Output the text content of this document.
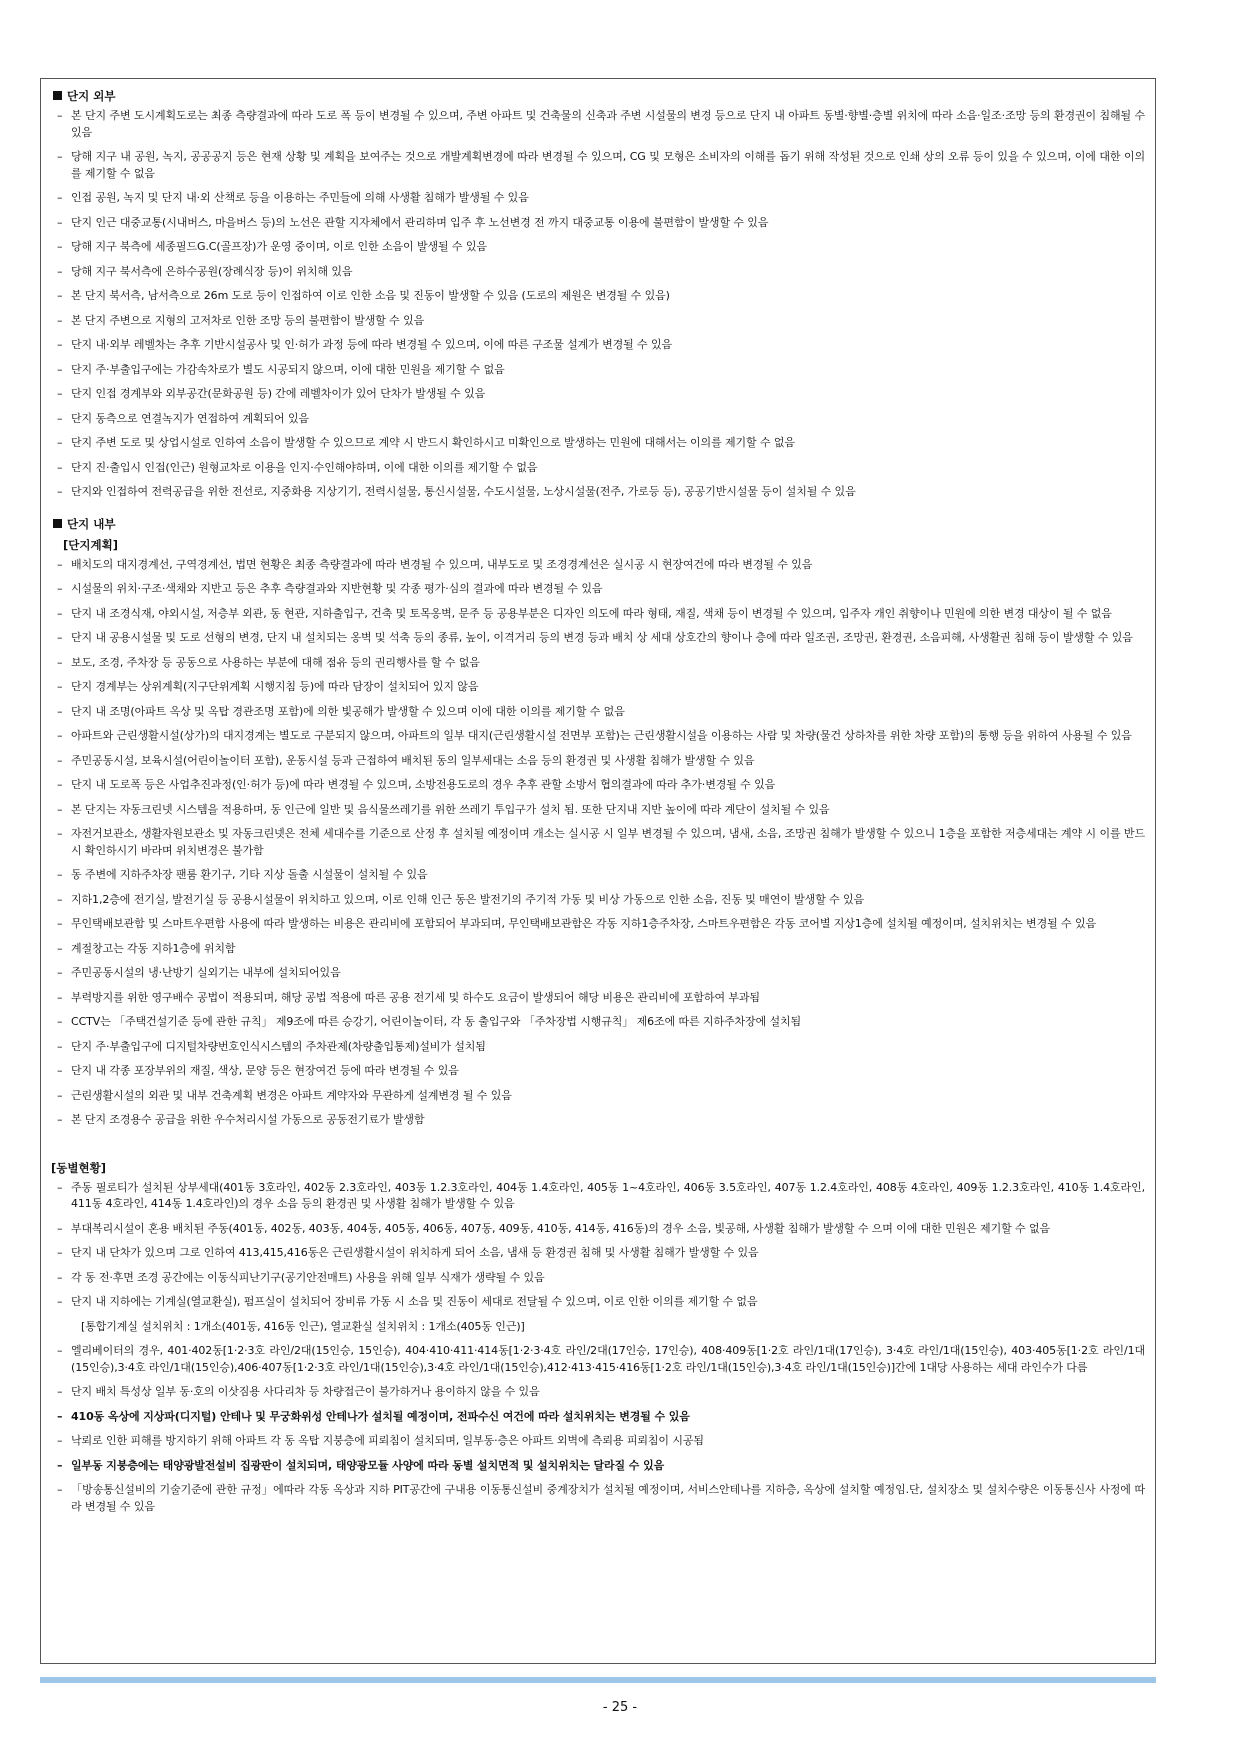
단지 외부
– 본 단지 주변 도시계획도로는 최종 측량결과에 따라 도로 폭 등이 변경될 수 있으며, 주변 아파트 및 건축물의 신축과 주변 시설물의 변경 등으로 단지 내 아파트 동별·향별·층별 위치에 따라 소음·일조·조망 등의 환경권이 침해될 수 있음
– 당해 지구 내 공원, 녹지, 공공공지 등은 현재 상황 및 계획을 보여주는 것으로 개발계획변경에 따라 변경될 수 있으며, CG 및 모형은 소비자의 이해를 돕기 위해 작성된 것으로 인쇄 상의 오류 등이 있을 수 있으며, 이에 대한 이의를 제기할 수 없음
– 인접 공원, 녹지 및 단지 내·외 산책로 등을 이용하는 주민들에 의해 사생활 침해가 발생될 수 있음
– 단지 인근 대중교통(시내버스, 마을버스 등)의 노선은 관할 지자체에서 관리하며 입주 후 노선변경 전 까지 대중교통 이용에 불편함이 발생할 수 있음
– 당해 지구 북측에 세종필드G.C(골프장)가 운영 중이며, 이로 인한 소음이 발생될 수 있음
– 당해 지구 북서측에 은하수공원(장례식장 등)이 위치해 있음
– 본 단지 북서측, 남서측으로 26m 도로 등이 인접하여 이로 인한 소음 및 진동이 발생할 수 있음 (도로의 제원은 변경될 수 있음)
– 본 단지 주변으로 지형의 고저차로 인한 조망 등의 불편함이 발생할 수 있음
– 단지 내·외부 레벨차는 추후 기반시설공사 및 인·허가 과정 등에 따라 변경될 수 있으며, 이에 따른 구조물 설계가 변경될 수 있음
– 단지 주·부출입구에는 가감속차로가 별도 시공되지 않으며, 이에 대한 민원을 제기할 수 없음
– 단지 인접 경계부와 외부공간(문화공원 등) 간에 레벨차이가 있어 단차가 발생될 수 있음
– 단지 동측으로 연결녹지가 연접하여 계획되어 있음
– 단지 주변 도로 및 상업시설로 인하여 소음이 발생할 수 있으므로 계약 시 반드시 확인하시고 미확인으로 발생하는 민원에 대해서는 이의를 제기할 수 없음
– 단지 진·출입시 인접(인근) 원형교차로 이용을 인지·수인해야하며, 이에 대한 이의를 제기할 수 없음
– 단지와 인접하여 전력공급을 위한 전선로, 지중화용 지상기기, 전력시설물, 통신시설물, 수도시설물, 노상시설물(전주, 가로등 등), 공공기반시설물 등이 설치될 수 있음
단지 내부
[단지계획]
– 배치도의 대지경계선, 구역경계선, 법면 현황은 최종 측량결과에 따라 변경될 수 있으며, 내부도로 및 조경경계선은 실시공 시 현장여건에 따라 변경될 수 있음
– 시설물의 위치·구조·색채와 지반고 등은 추후 측량결과와 지반현황 및 각종 평가·심의 결과에 따라 변경될 수 있음
– 단지 내 조경식재, 야외시설, 저층부 외관, 동 현관, 지하출입구, 건축 및 토목옹벽, 문주 등 공용부분은 디자인 의도에 따라 형태, 재질, 색채 등이 변경될 수 있으며, 입주자 개인 취향이나 민원에 의한 변경 대상이 될 수 없음
– 단지 내 공용시설물 및 도로 선형의 변경, 단지 내 설치되는 옹벽 및 석축 등의 종류, 높이, 이격거리 등의 변경 등과 배치 상 세대 상호간의 향이나 층에 따라 일조권, 조망권, 환경권, 소음피해, 사생활권 침해 등이 발생할 수 있음
– 보도, 조경, 주차장 등 공동으로 사용하는 부분에 대해 점유 등의 권리행사를 할 수 없음
– 단지 경계부는 상위계획(지구단위계획 시행지침 등)에 따라 담장이 설치되어 있지 않음
– 단지 내 조명(아파트 옥상 및 옥탑 경관조명 포함)에 의한 빛공해가 발생할 수 있으며 이에 대한 이의를 제기할 수 없음
– 아파트와 근린생활시설(상가)의 대지경계는 별도로 구분되지 않으며, 아파트의 일부 대지(근린생활시설 전면부 포함)는 근린생활시설을 이용하는 사람 및 차량(물건 상하차를 위한 차량 포함)의 통행 등을 위하여 사용될 수 있음
– 주민공동시설, 보육시설(어린이놀이터 포함), 운동시설 등과 근접하여 배치된 동의 일부세대는 소음 등의 환경권 및 사생활 침해가 발생할 수 있음
– 단지 내 도로폭 등은 사업추진과정(인·허가 등)에 따라 변경될 수 있으며, 소방전용도로의 경우 추후 관할 소방서 협의결과에 따라 추가·변경될 수 있음
– 본 단지는 자동크린넷 시스템을 적용하며, 동 인근에 일반 및 음식물쓰레기를 위한 쓰레기 투입구가 설치 됨. 또한 단지내 지반 높이에 따라 계단이 설치될 수 있음
– 자전거보관소, 생활자원보관소 및 자동크린넷은 전체 세대수를 기준으로 산정 후 설치될 예정이며 개소는 실시공 시 일부 변경될 수 있으며, 냄새, 소음, 조망권 침해가 발생할 수 있으니 1층을 포함한 저층세대는 계약 시 이를 반드시 확인하시기 바라며 위치변경은 불가함
– 동 주변에 지하주차장 팬룸 환기구, 기타 지상 돌출 시설물이 설치될 수 있음
– 지하1,2층에 전기실, 발전기실 등 공용시설물이 위치하고 있으며, 이로 인해 인근 동은 발전기의 주기적 가동 및 비상 가동으로 인한 소음, 진동 및 매연이 발생할 수 있음
– 무인택배보관함 및 스마트우편함 사용에 따라 발생하는 비용은 관리비에 포함되어 부과되며, 무인택배보관함은 각동 지하1층주차장, 스마트우편함은 각동 코어별 지상1층에 설치될 예정이며, 설치위치는 변경될 수 있음
– 계절창고는 각동 지하1층에 위치함
– 주민공동시설의 냉·난방기 실외기는 내부에 설치되어있음
– 부력방지를 위한 영구배수 공법이 적용되며, 해당 공법 적용에 따른 공용 전기세 및 하수도 요금이 발생되어 해당 비용은 관리비에 포함하여 부과됨
– CCTV는 「주택건설기준 등에 관한 규칙」 제9조에 따른 승강기, 어린이놀이터, 각 동 출입구와 「주차장법 시행규칙」 제6조에 따른 지하주차장에 설치됨
– 단지 주·부출입구에 디지털차량번호인식시스템의 주차관제(차량출입통제)설비가 설치됨
– 단지 내 각종 포장부위의 재질, 색상, 문양 등은 현장여건 등에 따라 변경될 수 있음
– 근린생활시설의 외관 및 내부 건축계획 변경은 아파트 계약자와 무관하게 설계변경 될 수 있음
– 본 단지 조경용수 공급을 위한 우수처리시설 가동으로 공동전기료가 발생함
[동별현황]
– 주동 필로티가 설치된 상부세대(401동 3호라인, 402동 2.3호라인, 403동 1.2.3호라인, 404동 1.4호라인, 405동 1~4호라인, 406동 3.5호라인, 407동 1.2.4호라인, 408동 4호라인, 409동 1.2.3호라인, 410동 1.4호라인, 411동 4호라인, 414동 1.4호라인)의 경우 소음 등의 환경권 및 사생활 침해가 발생할 수 있음
– 부대복리시설이 혼용 배치된 주동(401동, 402동, 403동, 404동, 405동, 406동, 407동, 409동, 410동, 414동, 416동)의 경우 소음, 빛공해, 사생활 침해가 발생할 수 으며 이에 대한 민원은 제기할 수 없음
– 단지 내 단차가 있으며 그로 인하여 413,415,416동은 근린생활시설이 위치하게 되어 소음, 냄새 등 환경권 침해 및 사생활 침해가 발생할 수 있음
– 각 동 전·후면 조경 공간에는 이동식피난기구(공기안전매트) 사용을 위해 일부 식재가 생략될 수 있음
– 단지 내 지하에는 기계실(열교환실), 펌프실이 설치되어 장비류 가동 시 소음 및 진동이 세대로 전달될 수 있으며, 이로 인한 이의를 제기할 수 없음
[통합기계실 설치위치 : 1개소(401동, 416동 인근), 열교환실 설치위치 : 1개소(405동 인근)]
– 엘리베이터의 경우, 401·402동[1·2·3호 라인/2대(15인승, 15인승), 404·410·411·414동[1·2·3·4호 라인/2대(17인승, 17인승), 408·409동[1·2호 라인/1대(17인승), 3·4호 라인/1대(15인승), 403·405동[1·2호 라인/1대(15인승),3·4호 라인/1대(15인승),406·407동[1·2·3호 라인/1대(15인승),3·4호 라인/1대(15인승),412·413·415·416동[1·2호 라인/1대(15인승),3·4호 라인/1대(15인승)]간에 1대당 사용하는 세대 라인수가 다름
– 단지 배치 특성상 일부 동·호의 이삿짐용 사다리차 등 차량접근이 불가하거나 용이하지 않을 수 있음
– 410동 옥상에 지상파(디지털) 안테나 및 무궁화위성 안테나가 설치될 예정이며, 전파수신 여건에 따라 설치위치는 변경될 수 있음
– 낙뢰로 인한 피해를 방지하기 위해 아파트 각 동 옥탑 지붕층에 피뢰침이 설치되며, 일부동·층은 아파트 외벽에 측뢰용 피뢰침이 시공됨
– 일부동 지붕층에는 태양광발전설비 집광판이 설치되며, 태양광모듈 사양에 따라 동별 설치면적 및 설치위치는 달라질 수 있음
– 「방송통신설비의 기술기준에 관한 규정」에따라 각동 옥상과 지하 PIT공간에 구내용 이동통신설비 중계장치가 설치될 예정이며, 서비스안테나를 지하층, 옥상에 설치할 예정임.단, 설치장소 및 설치수량은 이동통신사 사정에 따라 변경될 수 있음
- 25 -
